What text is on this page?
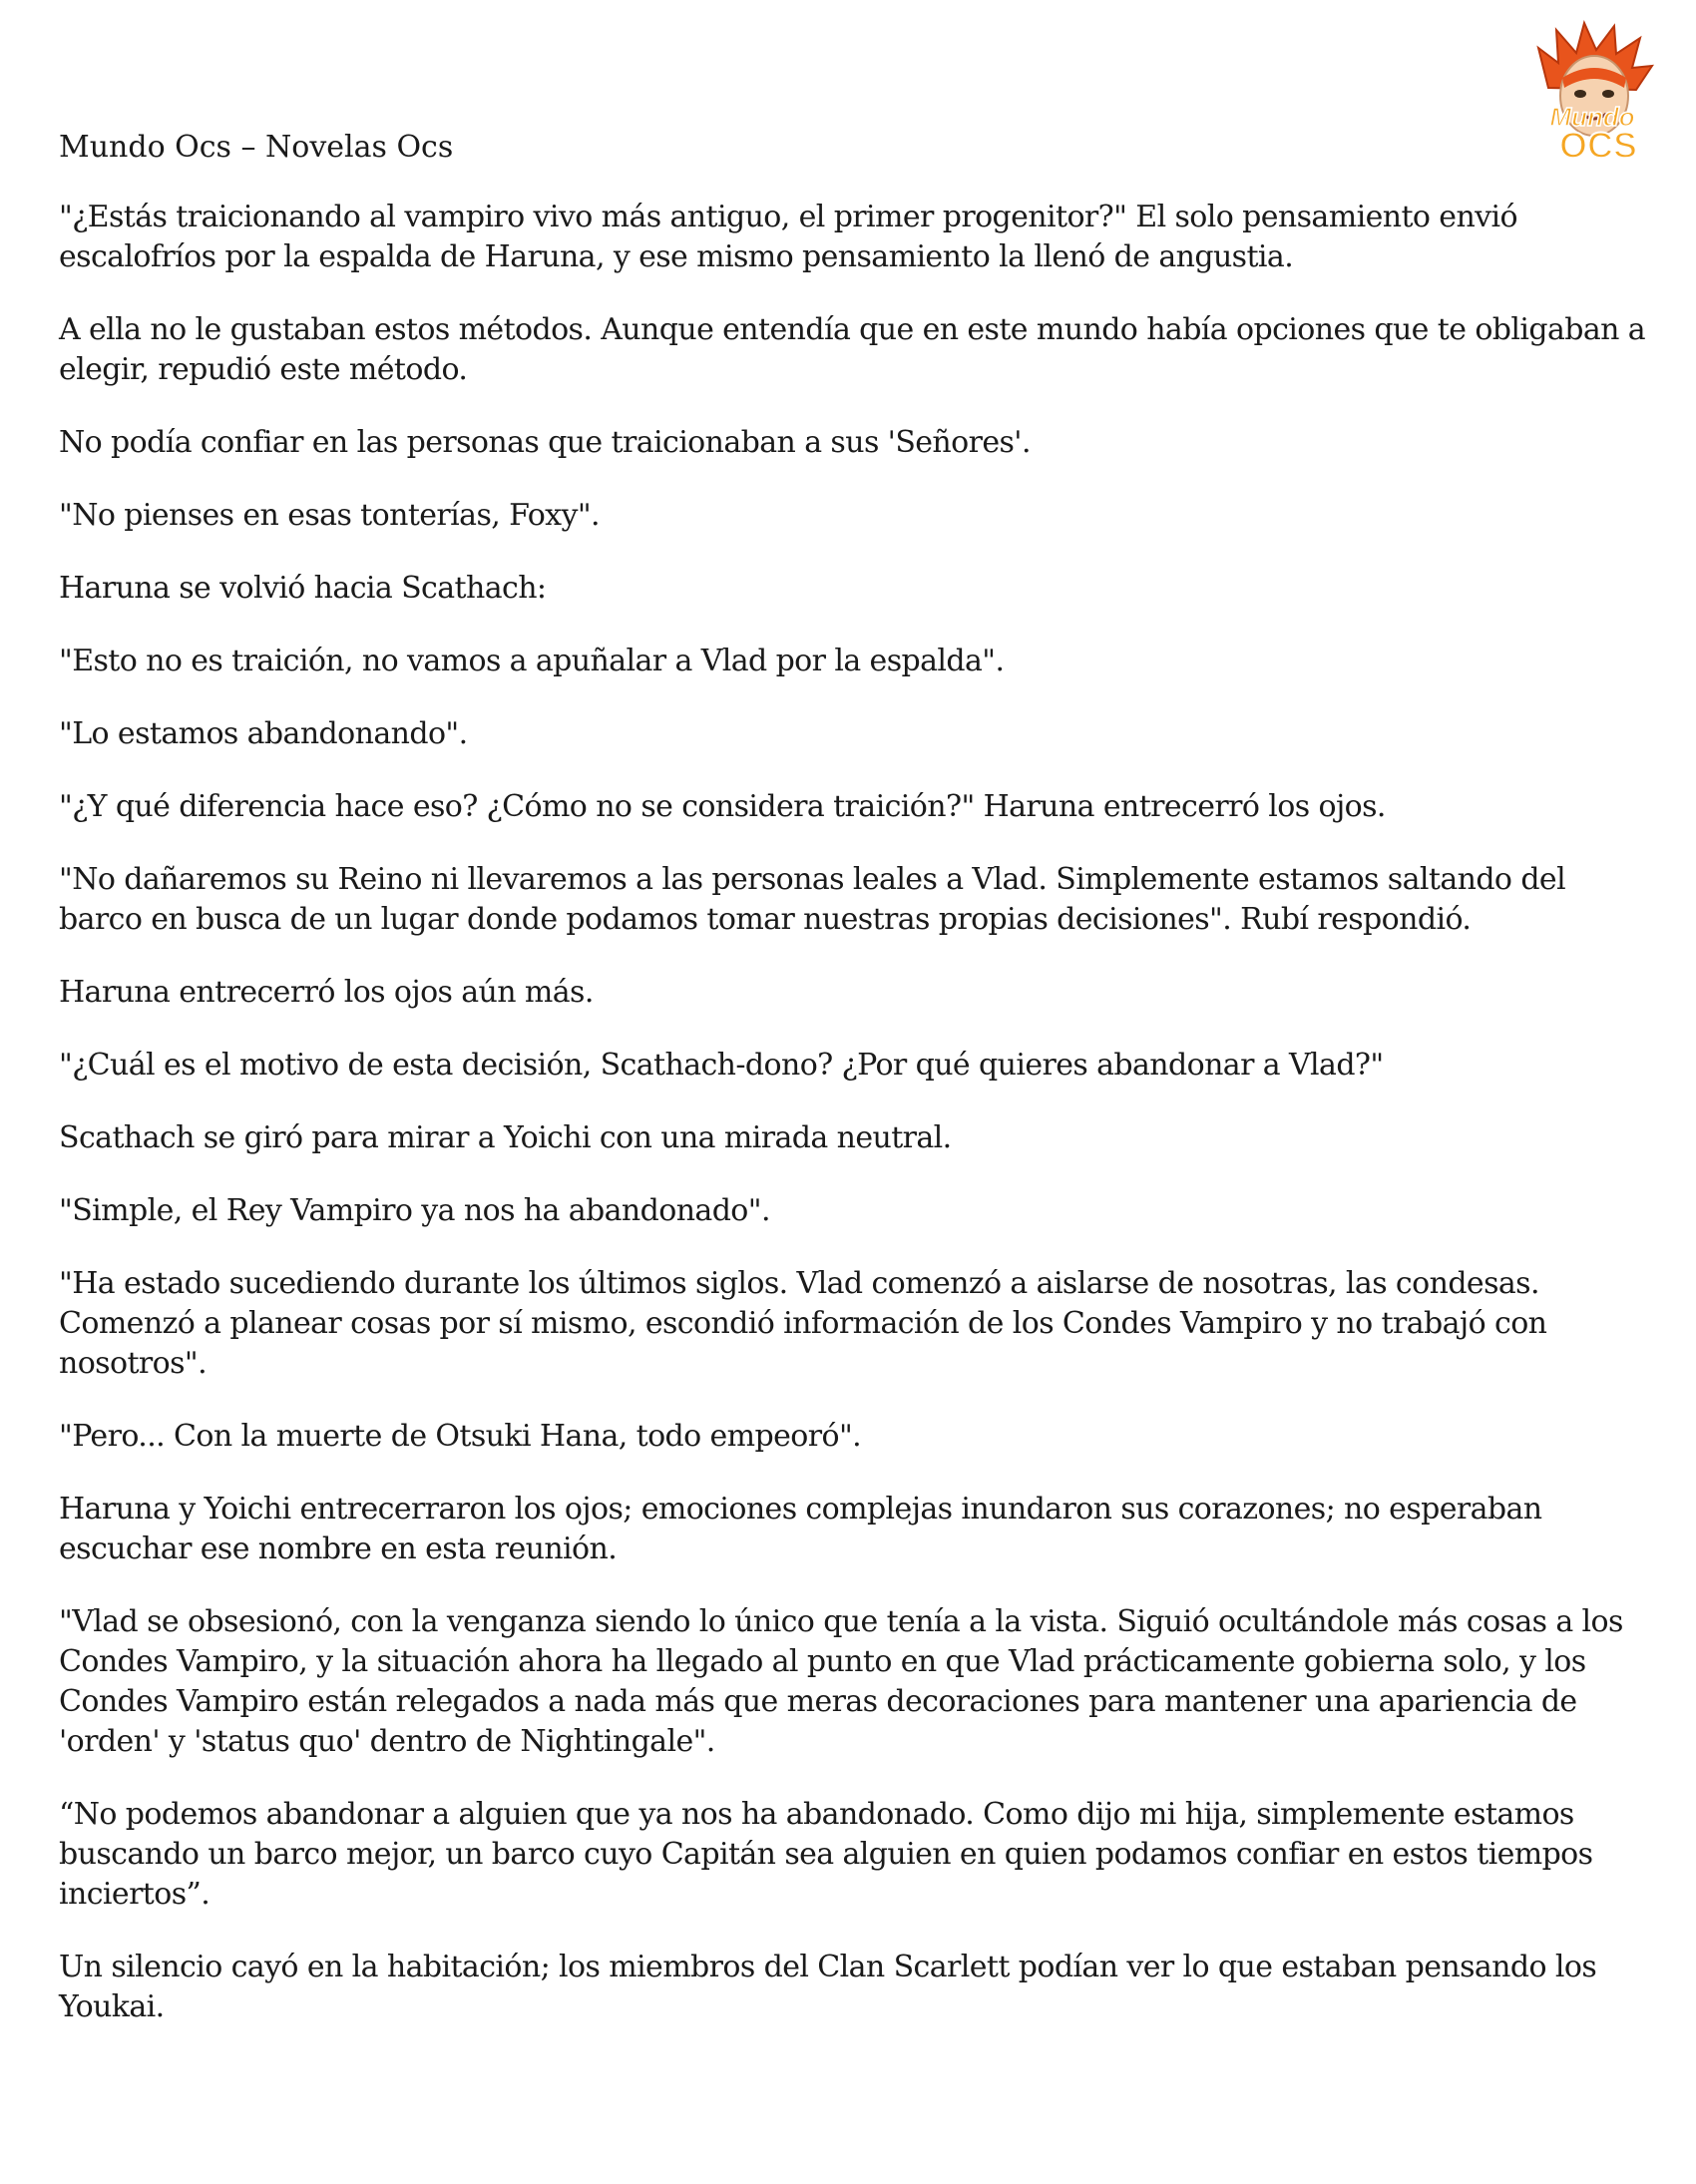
Mundo
OCS
Mundo Ocs – Novelas Ocs

"¿Estás traicionando al vampiro vivo más antiguo, el primer progenitor?" El solo pensamiento envió escalofríos por la espalda de Haruna, y ese mismo pensamiento la llenó de angustia.

A ella no le gustaban estos métodos. Aunque entendía que en este mundo había opciones que te obligaban a elegir, repudió este método.

No podía confiar en las personas que traicionaban a sus 'Señores'.

"No pienses en esas tonterías, Foxy".

Haruna se volvió hacia Scathach:

"Esto no es traición, no vamos a apuñalar a Vlad por la espalda".

"Lo estamos abandonando".

"¿Y qué diferencia hace eso? ¿Cómo no se considera traición?" Haruna entrecerró los ojos.

"No dañaremos su Reino ni llevaremos a las personas leales a Vlad. Simplemente estamos saltando del barco en busca de un lugar donde podamos tomar nuestras propias decisiones". Rubí respondió.

Haruna entrecerró los ojos aún más.

"¿Cuál es el motivo de esta decisión, Scathach-dono? ¿Por qué quieres abandonar a Vlad?"

Scathach se giró para mirar a Yoichi con una mirada neutral.

"Simple, el Rey Vampiro ya nos ha abandonado".

"Ha estado sucediendo durante los últimos siglos. Vlad comenzó a aislarse de nosotras, las condesas. Comenzó a planear cosas por sí mismo, escondió información de los Condes Vampiro y no trabajó con nosotros".

"Pero... Con la muerte de Otsuki Hana, todo empeoró".

Haruna y Yoichi entrecerraron los ojos; emociones complejas inundaron sus corazones; no esperaban escuchar ese nombre en esta reunión.

"Vlad se obsesionó, con la venganza siendo lo único que tenía a la vista. Siguió ocultándole más cosas a los Condes Vampiro, y la situación ahora ha llegado al punto en que Vlad prácticamente gobierna solo, y los Condes Vampiro están relegados a nada más que meras decoraciones para mantener una apariencia de 'orden' y 'status quo' dentro de Nightingale".

“No podemos abandonar a alguien que ya nos ha abandonado. Como dijo mi hija, simplemente estamos buscando un barco mejor, un barco cuyo Capitán sea alguien en quien podamos confiar en estos tiempos inciertos”.

Un silencio cayó en la habitación; los miembros del Clan Scarlett podían ver lo que estaban pensando los Youkai.
